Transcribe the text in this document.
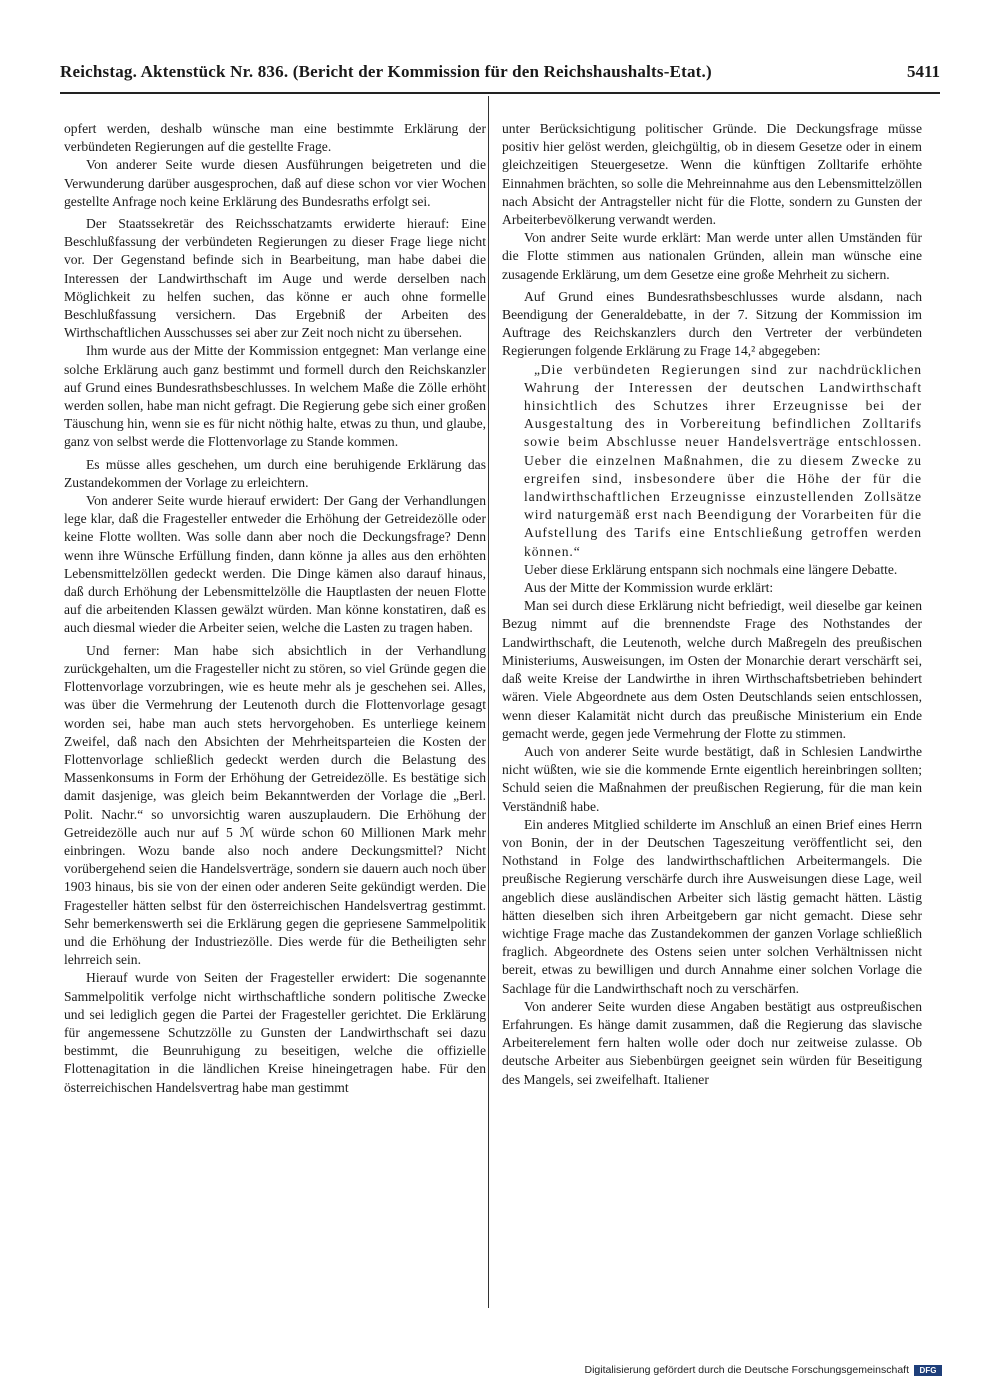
Reichstag. Aktenstück Nr. 836. (Bericht der Kommission für den Reichshaushalts-Etat.)	5411

opfert werden, deshalb wünsche man eine bestimmte Erklärung der verbündeten Regierungen auf die gestellte Frage.

Von anderer Seite wurde diesen Ausführungen beigetreten und die Verwunderung darüber ausgesprochen, daß auf diese schon vor vier Wochen gestellte Anfrage noch keine Erklärung des Bundesraths erfolgt sei.

Der Staatssekretär des Reichsschatzamts erwiderte hierauf: Eine Beschlußfassung der verbündeten Regierungen zu dieser Frage liege nicht vor. Der Gegenstand befinde sich in Bearbeitung, man habe dabei die Interessen der Landwirthschaft im Auge und werde derselben nach Möglichkeit zu helfen suchen, das könne er auch ohne formelle Beschlußfassung versichern. Das Ergebniß der Arbeiten des Wirthschaftlichen Ausschusses sei aber zur Zeit noch nicht zu übersehen.

Ihm wurde aus der Mitte der Kommission entgegnet: Man verlange eine solche Erklärung auch ganz bestimmt und formell durch den Reichskanzler auf Grund eines Bundesrathsbeschlusses. In welchem Maße die Zölle erhöht werden sollen, habe man nicht gefragt. Die Regierung gebe sich einer großen Täuschung hin, wenn sie es für nicht nöthig halte, etwas zu thun, und glaube, ganz von selbst werde die Flottenvorlage zu Stande kommen.

Es müsse alles geschehen, um durch eine beruhigende Erklärung das Zustandekommen der Vorlage zu erleichtern.

Von anderer Seite wurde hierauf erwidert: Der Gang der Verhandlungen lege klar, daß die Fragesteller entweder die Erhöhung der Getreidezölle oder keine Flotte wollten. Was solle dann aber noch die Deckungsfrage? Denn wenn ihre Wünsche Erfüllung finden, dann könne ja alles aus den erhöhten Lebensmittelzöllen gedeckt werden. Die Dinge kämen also darauf hinaus, daß durch Erhöhung der Lebensmittelzölle die Hauptlasten der neuen Flotte auf die arbeitenden Klassen gewälzt würden. Man könne konstatiren, daß es auch diesmal wieder die Arbeiter seien, welche die Lasten zu tragen haben.

Und ferner: Man habe sich absichtlich in der Verhandlung zurückgehalten, um die Fragesteller nicht zu stören, so viel Gründe gegen die Flottenvorlage vorzubringen, wie es heute mehr als je geschehen sei. Alles, was über die Vermehrung der Leutenoth durch die Flottenvorlage gesagt worden sei, habe man auch stets hervorgehoben. Es unterliege keinem Zweifel, daß nach den Absichten der Mehrheitsparteien die Kosten der Flottenvorlage schließlich gedeckt werden durch die Belastung des Massenkonsums in Form der Erhöhung der Getreidezölle. Es bestätige sich damit dasjenige, was gleich beim Bekanntwerden der Vorlage die „Berl. Polit. Nachr.“ so unvorsichtig waren auszuplaudern. Die Erhöhung der Getreidezölle auch nur auf 5 ℳ würde schon 60 Millionen Mark mehr einbringen. Wozu bande also noch andere Deckungsmittel? Nicht vorübergehend seien die Handelsverträge, sondern sie dauern auch noch über 1903 hinaus, bis sie von der einen oder anderen Seite gekündigt werden. Die Fragesteller hätten selbst für den österreichischen Handelsvertrag gestimmt. Sehr bemerkenswerth sei die Erklärung gegen die gepriesene Sammelpolitik und die Erhöhung der Industriezölle. Dies werde für die Betheiligten sehr lehrreich sein.

Hierauf wurde von Seiten der Fragesteller erwidert: Die sogenannte Sammelpolitik verfolge nicht wirthschaftliche sondern politische Zwecke und sei lediglich gegen die Partei der Fragesteller gerichtet. Die Erklärung für angemessene Schutzzölle zu Gunsten der Landwirthschaft sei dazu bestimmt, die Beunruhigung zu beseitigen, welche die offizielle Flottenagitation in die ländlichen Kreise hineingetragen habe. Für den österreichischen Handelsvertrag habe man gestimmt

unter Berücksichtigung politischer Gründe. Die Deckungsfrage müsse positiv hier gelöst werden, gleichgültig, ob in diesem Gesetze oder in einem gleichzeitigen Steuergesetze. Wenn die künftigen Zolltarife erhöhte Einnahmen brächten, so solle die Mehreinnahme aus den Lebensmittelzöllen nach Absicht der Antragsteller nicht für die Flotte, sondern zu Gunsten der Arbeiterbevölkerung verwandt werden.

Von andrer Seite wurde erklärt: Man werde unter allen Umständen für die Flotte stimmen aus nationalen Gründen, allein man wünsche eine zusagende Erklärung, um dem Gesetze eine große Mehrheit zu sichern.

Auf Grund eines Bundesrathsbeschlusses wurde alsdann, nach Beendigung der Generaldebatte, in der 7. Sitzung der Kommission im Auftrage des Reichskanzlers durch den Vertreter der verbündeten Regierungen folgende Erklärung zu Frage 14,² abgegeben:

„Die verbündeten Regierungen sind zur nachdrücklichen Wahrung der Interessen der deutschen Landwirthschaft hinsichtlich des Schutzes ihrer Erzeugnisse bei der Ausgestaltung des in Vorbereitung befindlichen Zolltarifs sowie beim Abschlusse neuer Handelsverträge entschlossen. Ueber die einzelnen Maßnahmen, die zu diesem Zwecke zu ergreifen sind, insbesondere über die Höhe der für die landwirthschaftlichen Erzeugnisse einzustellenden Zollsätze wird naturgemäß erst nach Beendigung der Vorarbeiten für die Aufstellung des Tarifs eine Entschließung getroffen werden können.“

Ueber diese Erklärung entspann sich nochmals eine längere Debatte.

Aus der Mitte der Kommission wurde erklärt:

Man sei durch diese Erklärung nicht befriedigt, weil dieselbe gar keinen Bezug nimmt auf die brennendste Frage des Nothstandes der Landwirthschaft, die Leutenoth, welche durch Maßregeln des preußischen Ministeriums, Ausweisungen, im Osten der Monarchie derart verschärft sei, daß weite Kreise der Landwirthe in ihren Wirthschaftsbetrieben behindert wären. Viele Abgeordnete aus dem Osten Deutschlands seien entschlossen, wenn dieser Kalamität nicht durch das preußische Ministerium ein Ende gemacht werde, gegen jede Vermehrung der Flotte zu stimmen.

Auch von anderer Seite wurde bestätigt, daß in Schlesien Landwirthe nicht wüßten, wie sie die kommende Ernte eigentlich hereinbringen sollten; Schuld seien die Maßnahmen der preußischen Regierung, für die man kein Verständniß habe.

Ein anderes Mitglied schilderte im Anschluß an einen Brief eines Herrn von Bonin, der in der Deutschen Tageszeitung veröffentlicht sei, den Nothstand in Folge des landwirthschaftlichen Arbeitermangels. Die preußische Regierung verschärfe durch ihre Ausweisungen diese Lage, weil angeblich diese ausländischen Arbeiter sich lästig gemacht hätten. Lästig hätten dieselben sich ihren Arbeitgebern gar nicht gemacht. Diese sehr wichtige Frage mache das Zustandekommen der ganzen Vorlage schließlich fraglich. Abgeordnete des Ostens seien unter solchen Verhältnissen nicht bereit, etwas zu bewilligen und durch Annahme einer solchen Vorlage die Sachlage für die Landwirthschaft noch zu verschärfen.

Von anderer Seite wurden diese Angaben bestätigt aus ostpreußischen Erfahrungen. Es hänge damit zusammen, daß die Regierung das slavische Arbeiterelement fern halten wolle oder doch nur zeitweise zulasse. Ob deutsche Arbeiter aus Siebenbürgen geeignet sein würden für Beseitigung des Mangels, sei zweifelhaft. Italiener

Digitalisierung gefördert durch die Deutsche Forschungsgemeinschaft	DFG
